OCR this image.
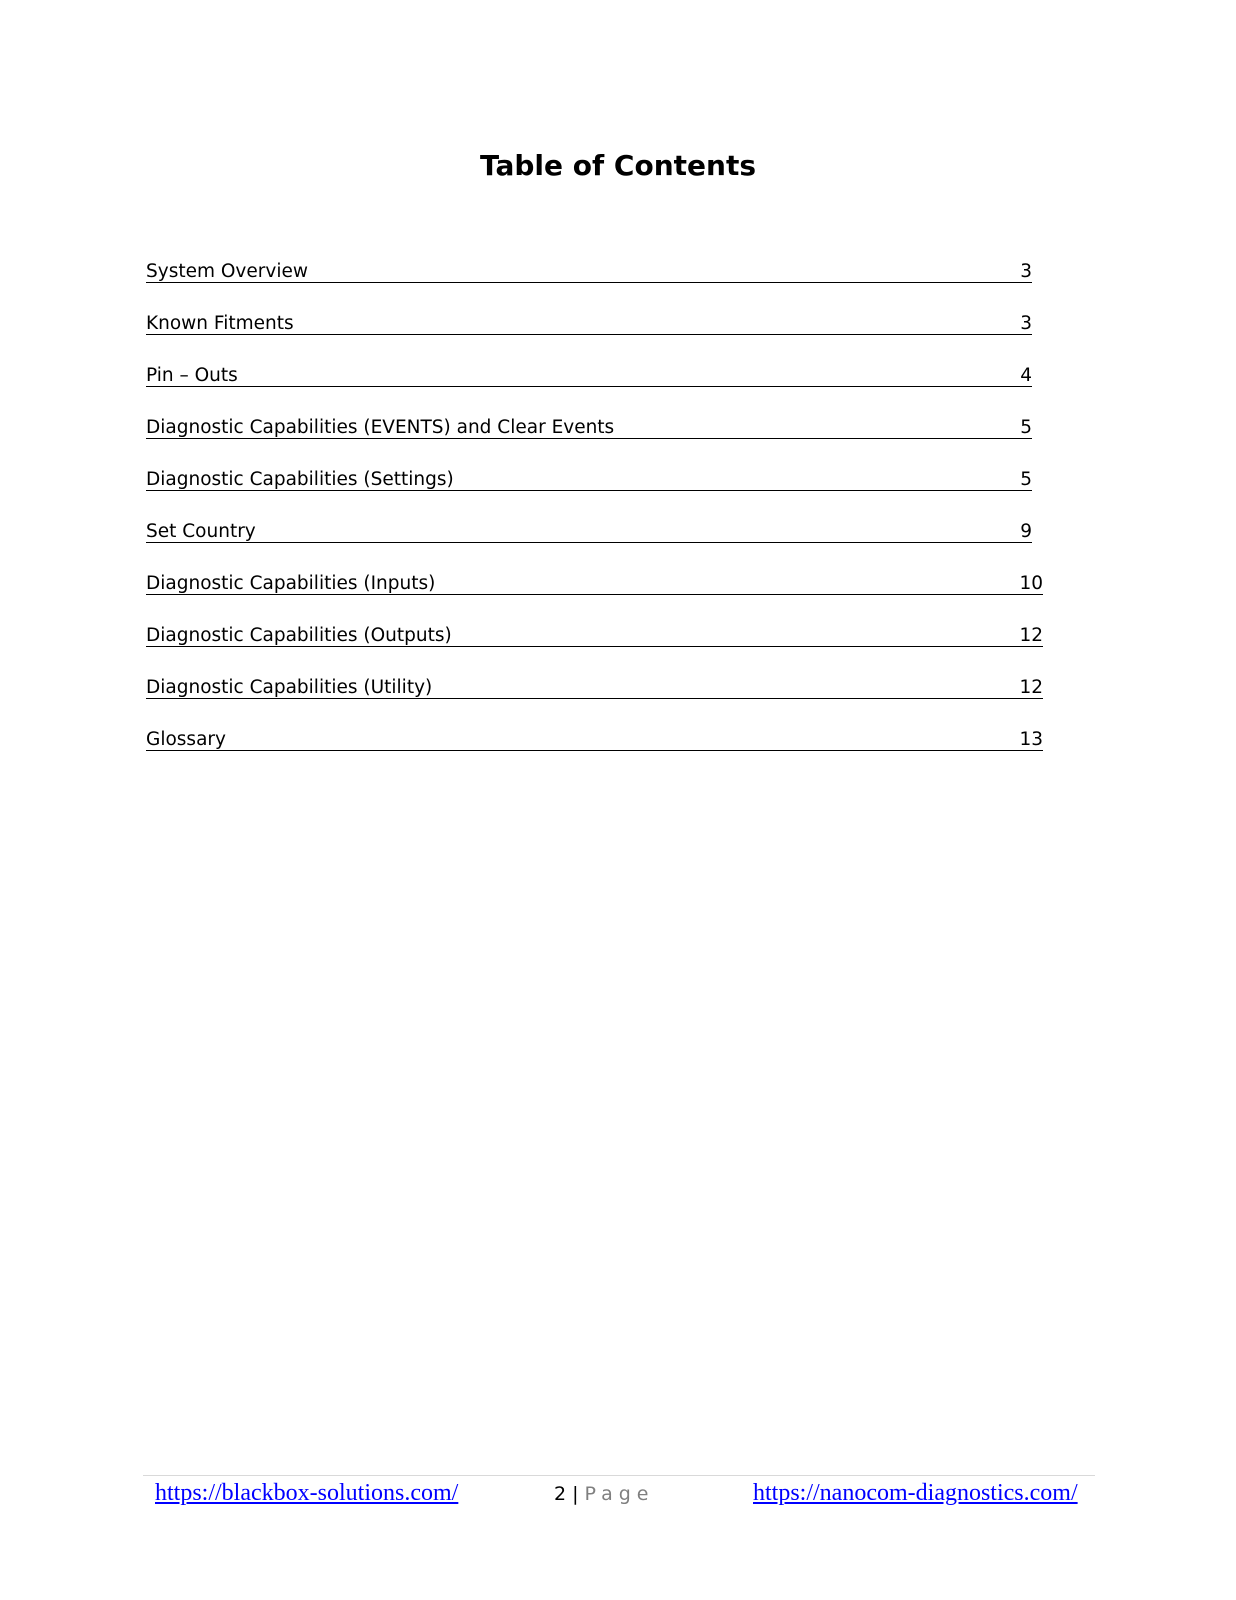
Table of Contents
System Overview	3
Known Fitments	3
Pin – Outs	4
Diagnostic Capabilities (EVENTS) and Clear Events	5
Diagnostic Capabilities (Settings)	5
Set Country	9
Diagnostic Capabilities (Inputs)	10
Diagnostic Capabilities (Outputs)	12
Diagnostic Capabilities (Utility)	12
Glossary	13
https://blackbox-solutions.com/	2 | Page	https://nanocom-diagnostics.com/
